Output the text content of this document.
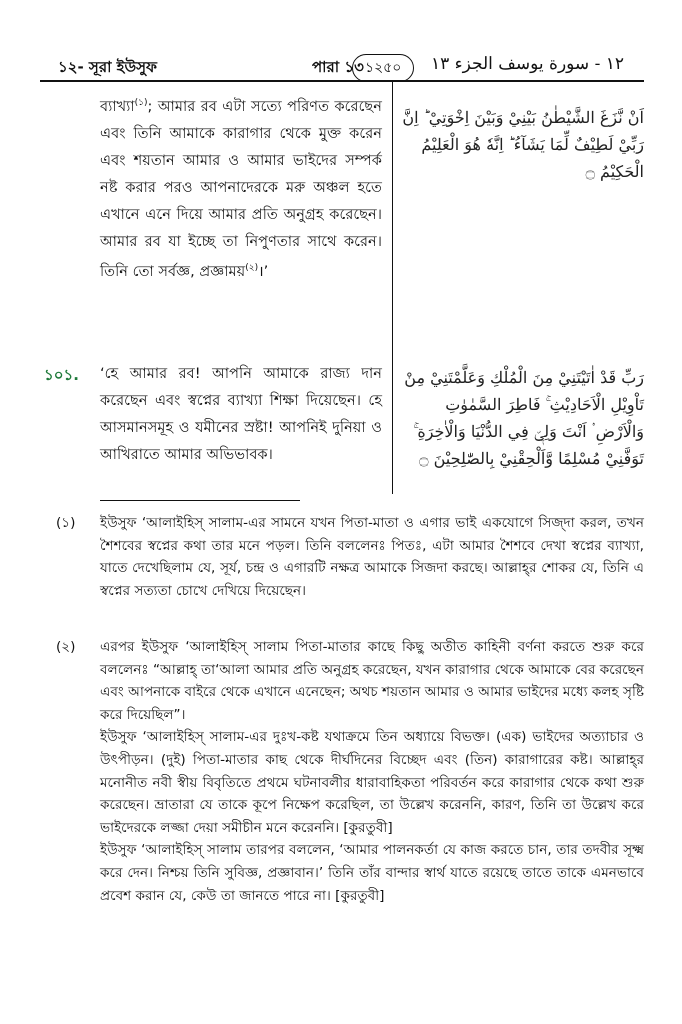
১২- সূরা ইউসুফ	পারা ১৩ ১২৫০	١٢ - سورة يوسف الجزء ١٣

ব্যাখ্যা$^{(১)}$; আমার রব এটা সত্যে পরিণত করেছেন এবং তিনি আমাকে কারাগার থেকে মুক্ত করেন এবং শয়তান আমার ও আমার ভাইদের সম্পর্ক নষ্ট করার পরও আপনাদেরকে মরু অঞ্চল হতে এখানে এনে দিয়ে আমার প্রতি অনুগ্রহ করেছেন। আমার রব যা ইচ্ছে তা নিপুণতার সাথে করেন। তিনি তো সর্বজ্ঞ, প্রজ্ঞাময়$^{(২)}$।’

اَنْ نَّزَغَ الشَّيْطٰنُ بَيْنِيْ وَبَيْنَ اِخْوَتِيْ ؕ اِنَّ رَبِّيْ لَطِيْفٌ لِّمَا يَشَآءُ ؕ اِنَّهٗ هُوَ الْعَلِيْمُ الْحَكِيْمُ ۝
১০১. ‘হে আমার রব! আপনি আমাকে রাজ্য দান করেছেন এবং স্বপ্নের ব্যাখ্যা শিক্ষা দিয়েছেন। হে আসমানসমূহ ও যমীনের স্রষ্টা! আপনিই দুনিয়া ও আখিরাতে আমার অভিভাবক।

رَبِّ قَدْ اٰتَيْتَنِيْ مِنَ الْمُلْكِ وَعَلَّمْتَنِيْ مِنْ تَاْوِيْلِ الْاَحَادِيْثِ ۚ فَاطِرَ السَّمٰوٰتِ وَالْاَرْضِ ۟ اَنْتَ وَلِيّٖ فِي الدُّنْيَا وَالْاٰخِرَةِ ۚ تَوَفَّنِيْ مُسْلِمًا وَّاَلْحِقْنِيْ بِالصّٰلِحِيْنَ ۝
(১) ইউসুফ ‘আলাইহিস্ সালাম-এর সামনে যখন পিতা-মাতা ও এগার ভাই একযোগে সিজ্দা করল, তখন শৈশবের স্বপ্নের কথা তার মনে পড়ল। তিনি বললেনঃ পিতঃ, এটা আমার শৈশবে দেখা স্বপ্নের ব্যাখ্যা, যাতে দেখেছিলাম যে, সূর্য, চন্দ্র ও এগারটি নক্ষত্র আমাকে সিজদা করছে। আল্লাহ্‌র শোকর যে, তিনি এ স্বপ্নের সত্যতা চোখে দেখিয়ে দিয়েছেন।

(২) এরপর ইউসুফ ‘আলাইহিস্ সালাম পিতা-মাতার কাছে কিছু অতীত কাহিনী বর্ণনা করতে শুরু করে বললেনঃ “আল্লাহ্ তা‘আলা আমার প্রতি অনুগ্রহ করেছেন, যখন কারাগার থেকে আমাকে বের করেছেন এবং আপনাকে বাইরে থেকে এখানে এনেছেন; অথচ শয়তান আমার ও আমার ভাইদের মধ্যে কলহ সৃষ্টি করে দিয়েছিল”।

ইউসুফ ‘আলাইহিস্ সালাম-এর দুঃখ-কষ্ট যথাক্রমে তিন অধ্যায়ে বিভক্ত। (এক) ভাইদের অত্যাচার ও উৎপীড়ন। (দুই) পিতা-মাতার কাছ থেকে দীর্ঘদিনের বিচ্ছেদ এবং (তিন) কারাগারের কষ্ট। আল্লাহ্‌র মনোনীত নবী স্বীয় বিবৃতিতে প্রথমে ঘটনাবলীর ধারাবাহিকতা পরিবর্তন করে কারাগার থেকে কথা শুরু করেছেন। ভ্রাতারা যে তাকে কূপে নিক্ষেপ করেছিল, তা উল্লেখ করেননি, কারণ, তিনি তা উল্লেখ করে ভাইদেরকে লজ্জা দেয়া সমীচীন মনে করেননি। [কুরতুবী]

ইউসুফ ‘আলাইহিস্ সালাম তারপর বললেন, ‘আমার পালনকর্তা যে কাজ করতে চান, তার তদবীর সূক্ষ্ম করে দেন। নিশ্চয় তিনি সুবিজ্ঞ, প্রজ্ঞাবান।’ তিনি তাঁর বান্দার স্বার্থ যাতে রয়েছে তাতে তাকে এমনভাবে প্রবেশ করান যে, কেউ তা জানতে পারে না। [কুরতুবী]
